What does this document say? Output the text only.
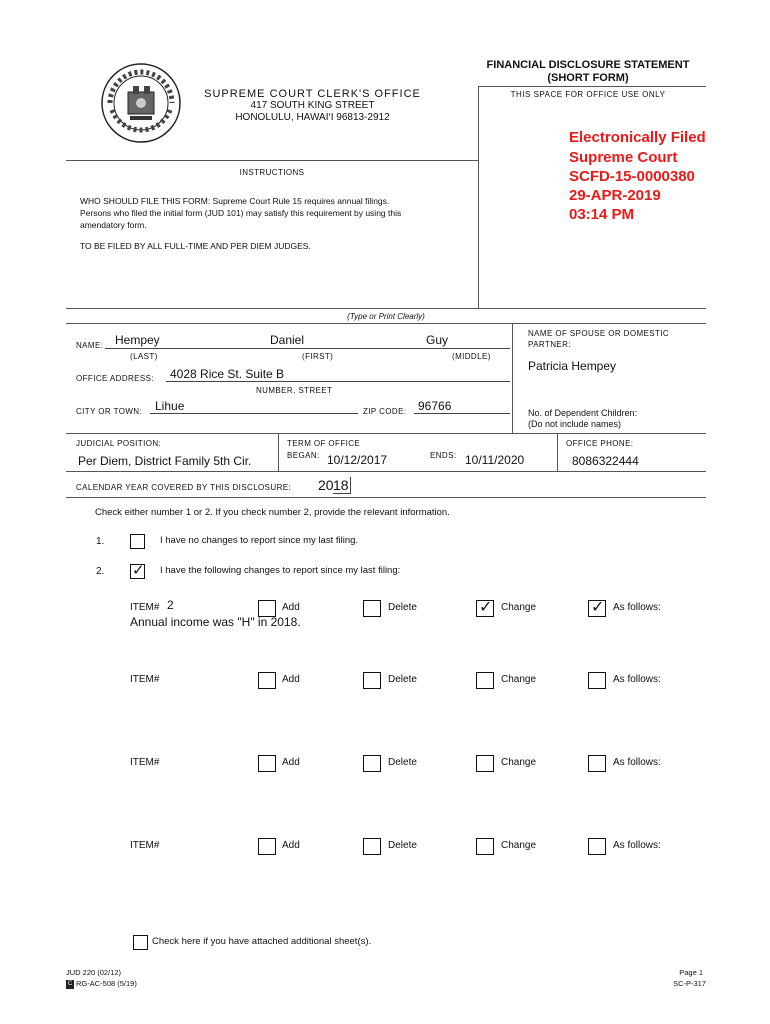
SUPREME COURT CLERK'S OFFICE
417 SOUTH KING STREET
HONOLULU, HAWAI‘I 96813-2912
FINANCIAL DISCLOSURE STATEMENT
(SHORT FORM)
THIS SPACE FOR OFFICE USE ONLY
Electronically Filed
Supreme Court
SCFD-15-0000380
29-APR-2019
03:14 PM
INSTRUCTIONS
WHO SHOULD FILE THIS FORM: Supreme Court Rule 15 requires annual filings.
Persons who filed the initial form (JUD 101) may satisfy this requirement by using this
amendatory form.
TO BE FILED BY ALL FULL-TIME AND PER DIEM JUDGES.
(Type or Print Clearly)
NAME: Hempey	Daniel	Guy
(LAST)	(FIRST)	(MIDDLE)
NAME OF SPOUSE OR DOMESTIC
PARTNER:
Patricia Hempey
OFFICE ADDRESS: 4028 Rice St. Suite B
NUMBER, STREET
CITY OR TOWN: Lihue	ZIP CODE: 96766	No. of Dependent Children:
(Do not include names)
JUDICIAL POSITION:
Per Diem, District Family 5th Cir.
TERM OF OFFICE
BEGAN: 10/12/2017	ENDS: 10/11/2020
OFFICE PHONE:
8086322444
CALENDAR YEAR COVERED BY THIS DISCLOSURE: 20 18
Check either number 1 or 2. If you check number 2, provide the relevant information.
1.	I have no changes to report since my last filing.
2. ✓ I have the following changes to report since my last filing:
ITEM# 2	Add	Delete	✓ Change	✓ As follows:
Annual income was "H" in 2018.
ITEM#	Add	Delete	Change	As follows:
ITEM#	Add	Delete	Change	As follows:
ITEM#	Add	Delete	Change	As follows:
Check here if you have attached additional sheet(s).
JUD 220 (02/12)
C RG-AC-508 (5/19)
Page 1
SC-P-317
